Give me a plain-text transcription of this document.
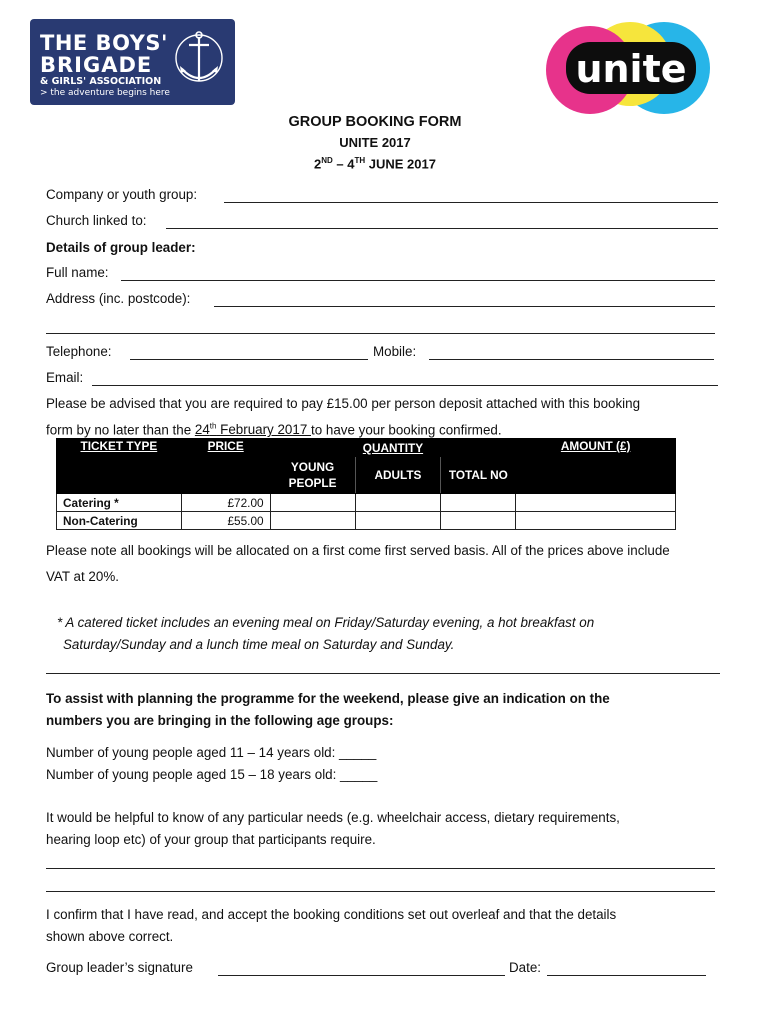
THE BOYS'
BRIGADE
& GIRLS' ASSOCIATION
> the adventure begins here
unite
GROUP BOOKING FORM
UNITE 2017
2ND – 4TH JUNE 2017
Company or youth group:
Church linked to:
Details of group leader:
Full name:
Address (inc. postcode):
Telephone:	Mobile:
Email:
Please be advised that you are required to pay £15.00 per person deposit attached with this booking
form by no later than the 24th February 2017 to have your booking confirmed.
TICKET TYPE	PRICE	QUANTITY			AMOUNT (£)
		YOUNG PEOPLE	ADULTS	TOTAL NO	
Catering *	£72.00				
Non-Catering	£55.00				
Please note all bookings will be allocated on a first come first served basis. All of the prices above include
VAT at 20%.
* A catered ticket includes an evening meal on Friday/Saturday evening, a hot breakfast on
Saturday/Sunday and a lunch time meal on Saturday and Sunday.
To assist with planning the programme for the weekend, please give an indication on the
numbers you are bringing in the following age groups:
Number of young people aged 11 – 14 years old: _____
Number of young people aged 15 – 18 years old: _____
It would be helpful to know of any particular needs (e.g. wheelchair access, dietary requirements,
hearing loop etc) of your group that participants require.
I confirm that I have read, and accept the booking conditions set out overleaf and that the details
shown above correct.
Group leader’s signature	Date:
